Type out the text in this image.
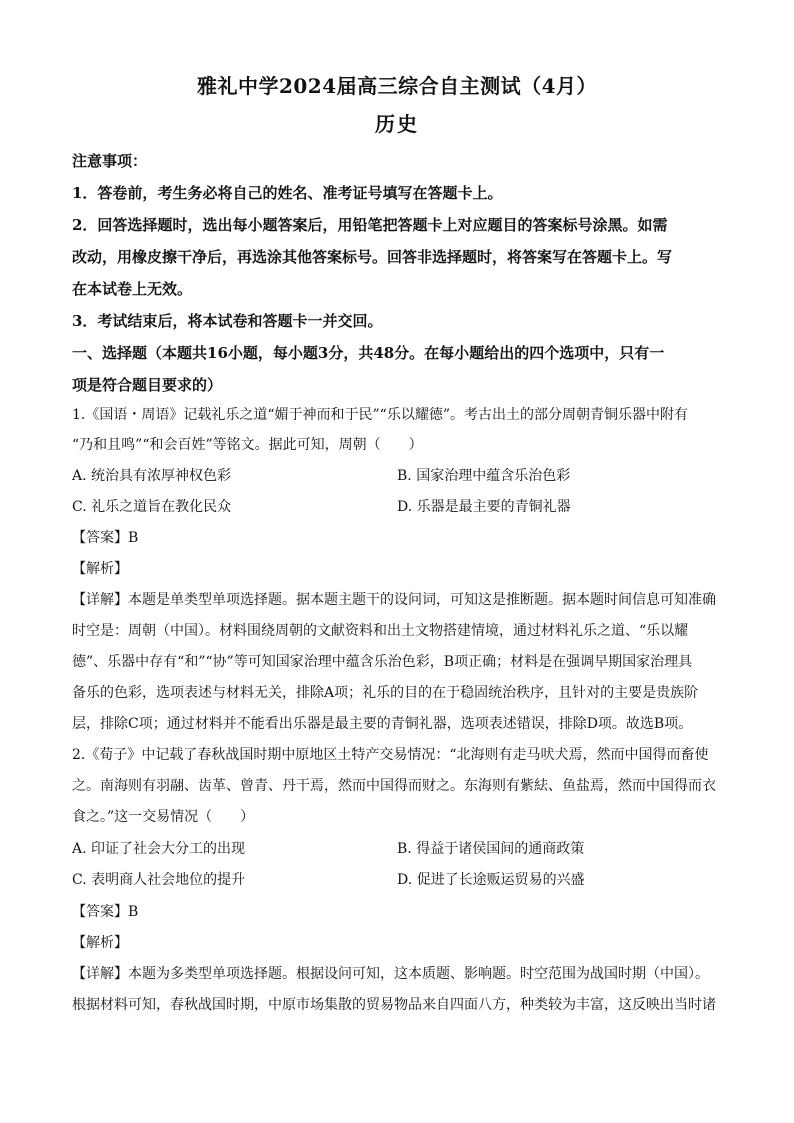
雅礼中学2024届高三综合自主测试（4月）
历史
注意事项：
1．答卷前，考生务必将自己的姓名、准考证号填写在答题卡上。
2．回答选择题时，选出每小题答案后，用铅笔把答题卡上对应题目的答案标号涂黑。如需
改动，用橡皮擦干净后，再选涂其他答案标号。回答非选择题时，将答案写在答题卡上。写
在本试卷上无效。
3．考试结束后，将本试卷和答题卡一并交回。
一、选择题（本题共16小题，每小题3分，共48分。在每小题给出的四个选项中，只有一
项是符合题目要求的）
1.《国语・周语》记载礼乐之道“媚于神而和于民”“乐以耀德”。考古出土的部分周朝青铜乐器中附有
“乃和且鸣”“和会百姓”等铭文。据此可知，周朝（　　）
A. 统治具有浓厚神权色彩	B. 国家治理中蕴含乐治色彩
C. 礼乐之道旨在教化民众	D. 乐器是最主要的青铜礼器
【答案】B
【解析】
【详解】本题是单类型单项选择题。据本题主题干的设问词，可知这是推断题。据本题时间信息可知准确
时空是：周朝（中国）。材料围绕周朝的文献资料和出土文物搭建情境，通过材料礼乐之道、“乐以耀
德”、乐器中存有“和”“协”等可知国家治理中蕴含乐治色彩，B项正确；材料是在强调早期国家治理具
备乐的色彩，选项表述与材料无关，排除A项；礼乐的目的在于稳固统治秩序，且针对的主要是贵族阶
层，排除C项；通过材料并不能看出乐器是最主要的青铜礼器，选项表述错误，排除D项。故选B项。
2.《荀子》中记载了春秋战国时期中原地区土特产交易情况：“北海则有走马吠犬焉，然而中国得而畜使
之。南海则有羽翮、齿革、曾青、丹干焉，然而中国得而财之。东海则有紫紶、鱼盐焉，然而中国得而衣
食之。”这一交易情况（　　）
A. 印证了社会大分工的出现	B. 得益于诸侯国间的通商政策
C. 表明商人社会地位的提升	D. 促进了长途贩运贸易的兴盛
【答案】B
【解析】
【详解】本题为多类型单项选择题。根据设问可知，这本质题、影响题。时空范围为战国时期（中国）。
根据材料可知，春秋战国时期，中原市场集散的贸易物品来自四面八方，种类较为丰富，这反映出当时诸
